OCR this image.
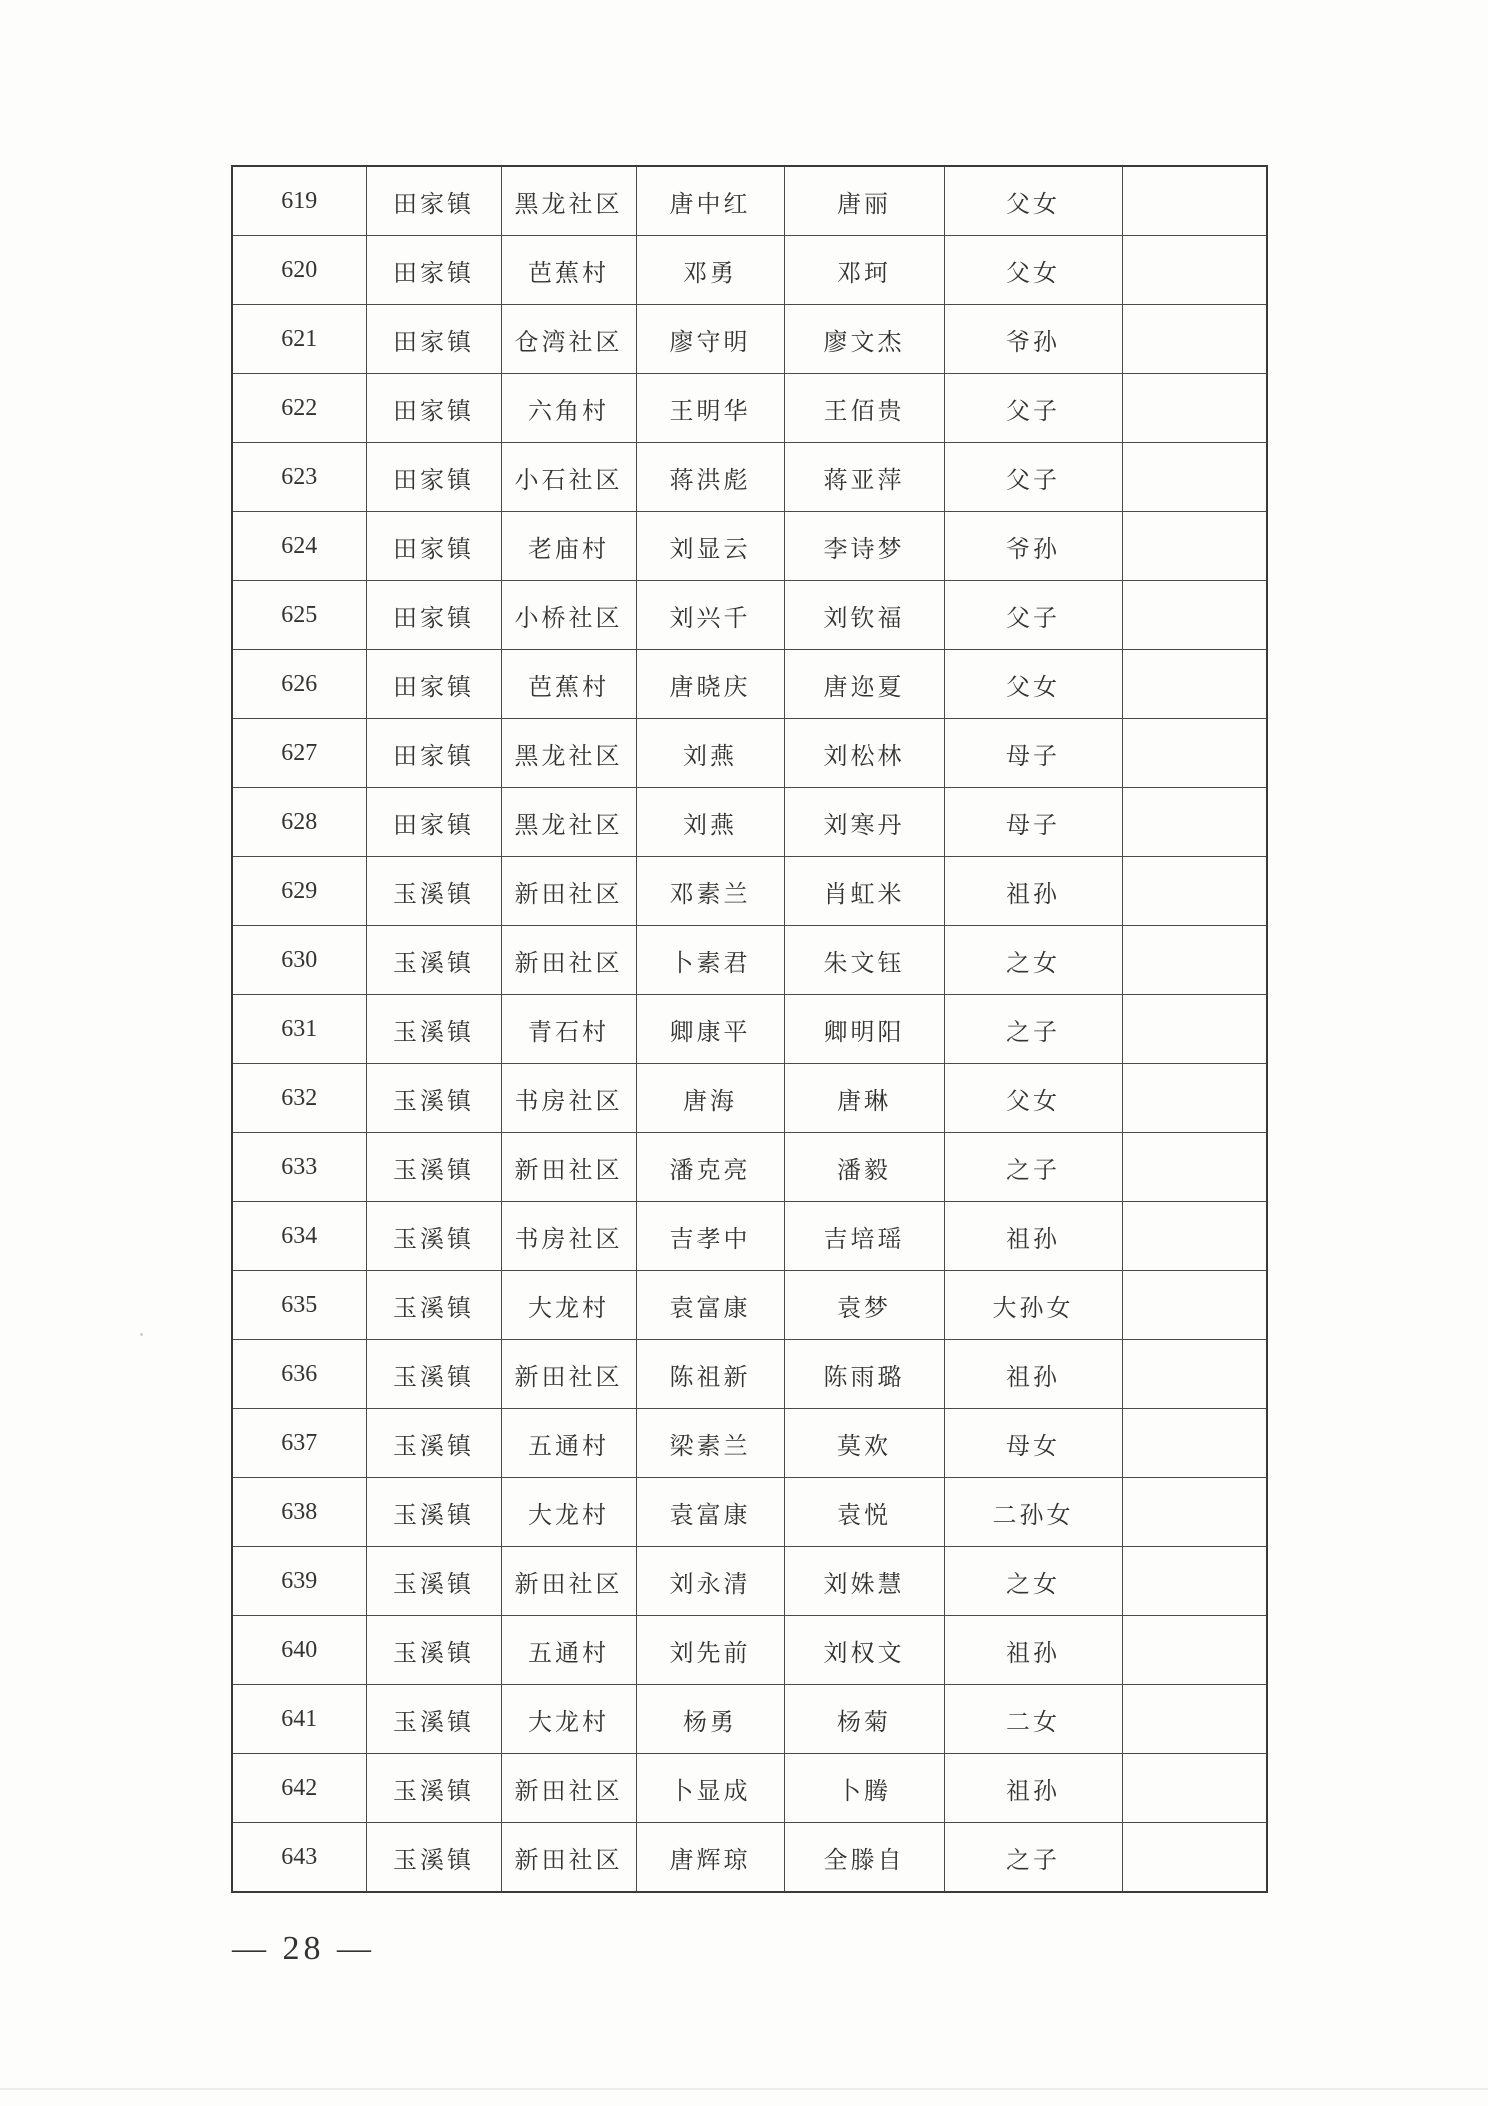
619	田家镇	黑龙社区	唐中红	唐丽	父女	
620	田家镇	芭蕉村	邓勇	邓珂	父女	
621	田家镇	仓湾社区	廖守明	廖文杰	爷孙	
622	田家镇	六角村	王明华	王佰贵	父子	
623	田家镇	小石社区	蒋洪彪	蒋亚萍	父子	
624	田家镇	老庙村	刘显云	李诗梦	爷孙	
625	田家镇	小桥社区	刘兴千	刘钦福	父子	
626	田家镇	芭蕉村	唐晓庆	唐迩夏	父女	
627	田家镇	黑龙社区	刘燕	刘松林	母子	
628	田家镇	黑龙社区	刘燕	刘寒丹	母子	
629	玉溪镇	新田社区	邓素兰	肖虹米	祖孙	
630	玉溪镇	新田社区	卜素君	朱文钰	之女	
631	玉溪镇	青石村	卿康平	卿明阳	之子	
632	玉溪镇	书房社区	唐海	唐琳	父女	
633	玉溪镇	新田社区	潘克亮	潘毅	之子	
634	玉溪镇	书房社区	吉孝中	吉培瑶	祖孙	
635	玉溪镇	大龙村	袁富康	袁梦	大孙女	
636	玉溪镇	新田社区	陈祖新	陈雨璐	祖孙	
637	玉溪镇	五通村	梁素兰	莫欢	母女	
638	玉溪镇	大龙村	袁富康	袁悦	二孙女	
639	玉溪镇	新田社区	刘永清	刘姝慧	之女	
640	玉溪镇	五通村	刘先前	刘权文	祖孙	
641	玉溪镇	大龙村	杨勇	杨菊	二女	
642	玉溪镇	新田社区	卜显成	卜腾	祖孙	
643	玉溪镇	新田社区	唐辉琼	全滕自	之子	
— 28 —
